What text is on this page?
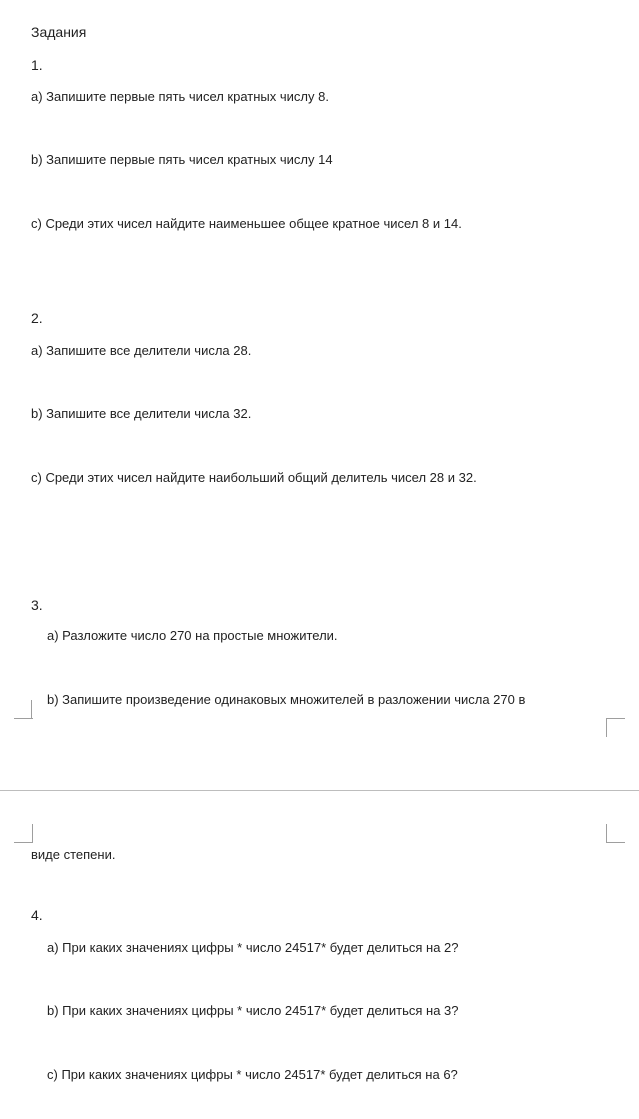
Задания
1.
a) Запишите первые пять чисел кратных числу 8.
b) Запишите первые пять чисел кратных числу 14
c) Среди этих чисел найдите наименьшее общее кратное чисел 8 и 14.
2.
a) Запишите все делители числа 28.
b) Запишите все делители числа 32.
c) Среди этих чисел найдите наибольший общий делитель чисел 28 и 32.
3.
a) Разложите число 270 на простые множители.
b) Запишите произведение одинаковых множителей в разложении числа 270 в
виде степени.
4.
a) При каких значениях цифры * число 24517* будет делиться на 2?
b) При каких значениях цифры * число 24517* будет делиться на 3?
c) При каких значениях цифры * число 24517* будет делиться на 6?
